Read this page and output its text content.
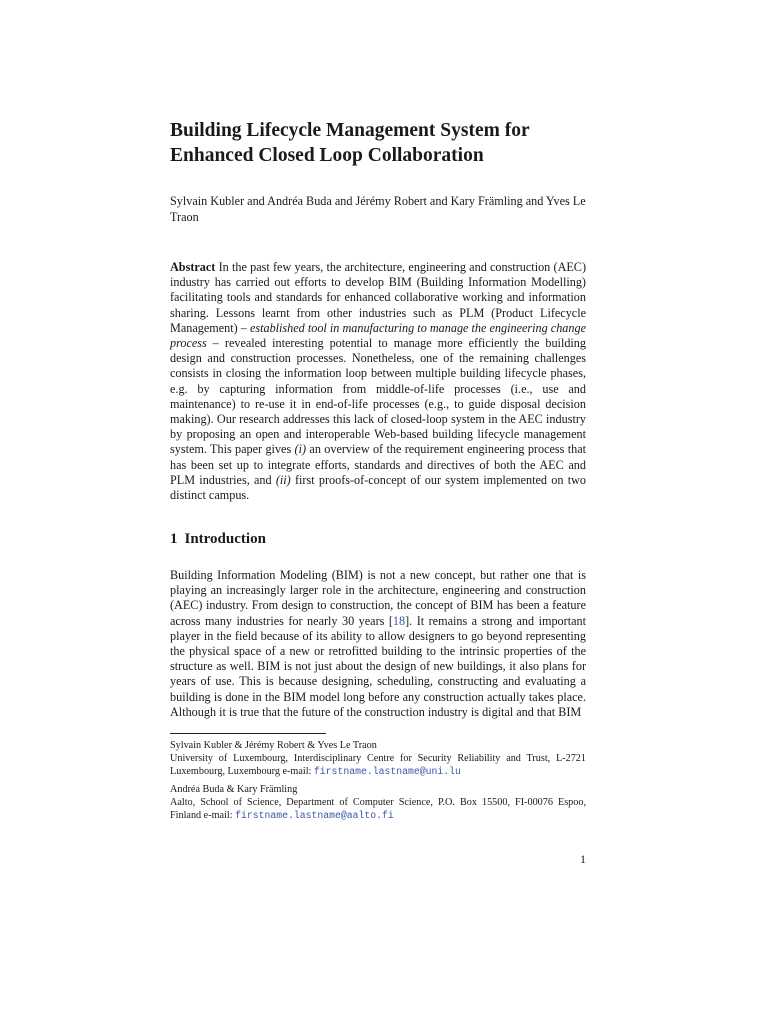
Building Lifecycle Management System for
Enhanced Closed Loop Collaboration

Sylvain Kubler and Andréa Buda and Jérémy Robert and Kary Främling and Yves Le Traon

Abstract In the past few years, the architecture, engineering and construction (AEC) industry has carried out efforts to develop BIM (Building Information Modelling) facilitating tools and standards for enhanced collaborative working and information sharing. Lessons learnt from other industries such as PLM (Product Lifecycle Management) – established tool in manufacturing to manage the engineering change process – revealed interesting potential to manage more efficiently the building design and construction processes. Nonetheless, one of the remaining challenges consists in closing the information loop between multiple building lifecycle phases, e.g. by capturing information from middle-of-life processes (i.e., use and maintenance) to re-use it in end-of-life processes (e.g., to guide disposal decision making). Our research addresses this lack of closed-loop system in the AEC industry by proposing an open and interoperable Web-based building lifecycle management system. This paper gives (i) an overview of the requirement engineering process that has been set up to integrate efforts, standards and directives of both the AEC and PLM industries, and (ii) first proofs-of-concept of our system implemented on two distinct campus.

1 Introduction

Building Information Modeling (BIM) is not a new concept, but rather one that is playing an increasingly larger role in the architecture, engineering and construction (AEC) industry. From design to construction, the concept of BIM has been a feature across many industries for nearly 30 years [18]. It remains a strong and important player in the field because of its ability to allow designers to go beyond representing the physical space of a new or retrofitted building to the intrinsic properties of the structure as well. BIM is not just about the design of new buildings, it also plans for years of use. This is because designing, scheduling, constructing and evaluating a building is done in the BIM model long before any construction actually takes place. Although it is true that the future of the construction industry is digital and that BIM

Sylvain Kubler & Jérémy Robert & Yves Le Traon
University of Luxembourg, Interdisciplinary Centre for Security Reliability and Trust, L-2721 Luxembourg, Luxembourg e-mail: firstname.lastname@uni.lu

Andréa Buda & Kary Främling
Aalto, School of Science, Department of Computer Science, P.O. Box 15500, FI-00076 Espoo, Finland e-mail: firstname.lastname@aalto.fi

1
